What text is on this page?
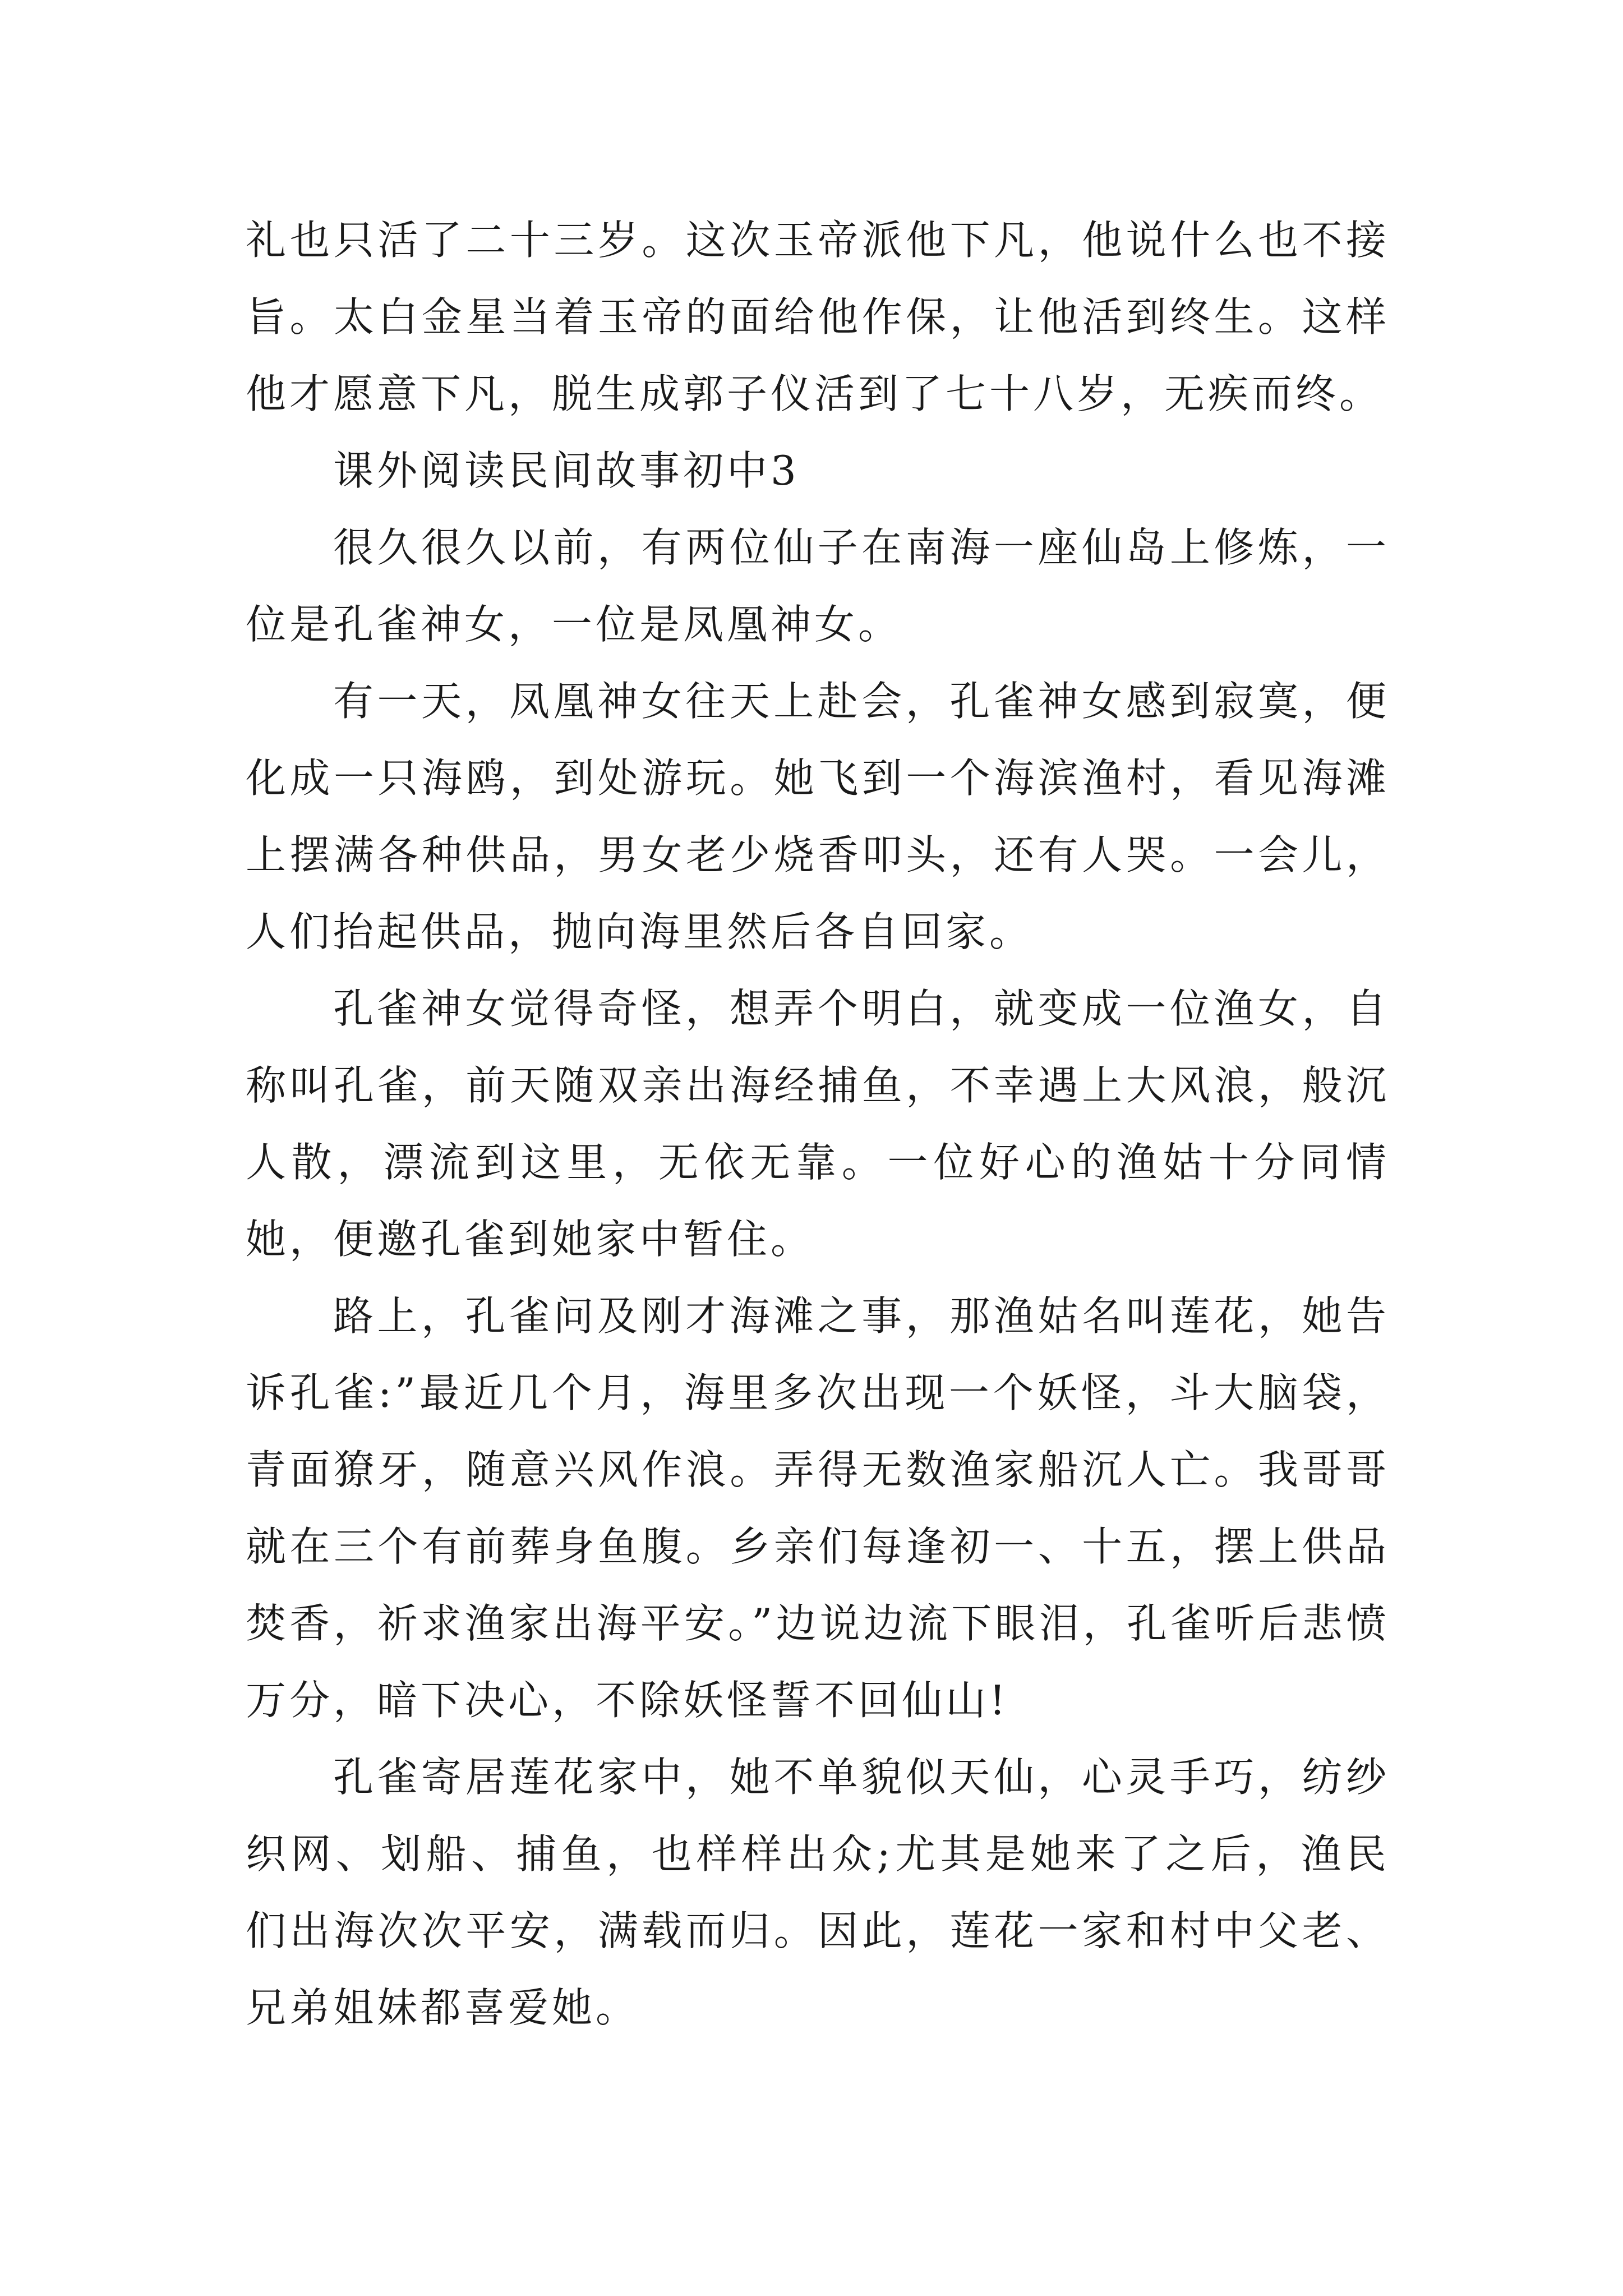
礼也只活了二十三岁。这次玉帝派他下凡，他说什么也不接旨。太白金星当着玉帝的面给他作保，让他活到终生。这样他才愿意下凡，脱生成郭子仪活到了七十八岁，无疾而终。

课外阅读民间故事初中3

很久很久以前，有两位仙子在南海一座仙岛上修炼，一位是孔雀神女，一位是凤凰神女。

有一天，凤凰神女往天上赴会，孔雀神女感到寂寞，便化成一只海鸥，到处游玩。她飞到一个海滨渔村，看见海滩上摆满各种供品，男女老少烧香叩头，还有人哭。一会儿，人们抬起供品，抛向海里然后各自回家。

孔雀神女觉得奇怪，想弄个明白，就变成一位渔女，自称叫孔雀，前天随双亲出海经捕鱼，不幸遇上大风浪，般沉人散，漂流到这里，无依无靠。一位好心的渔姑十分同情她，便邀孔雀到她家中暂住。

路上，孔雀问及刚才海滩之事，那渔姑名叫莲花，她告诉孔雀:”最近几个月，海里多次出现一个妖怪，斗大脑袋，青面獠牙，随意兴风作浪。弄得无数渔家船沉人亡。我哥哥就在三个有前葬身鱼腹。乡亲们每逢初一、十五，摆上供品焚香，祈求渔家出海平安。”边说边流下眼泪，孔雀听后悲愤万分，暗下决心，不除妖怪誓不回仙山!

孔雀寄居莲花家中，她不单貌似天仙，心灵手巧，纺纱织网、划船、捕鱼，也样样出众;尤其是她来了之后，渔民们出海次次平安，满载而归。因此，莲花一家和村中父老、兄弟姐妹都喜爱她。
